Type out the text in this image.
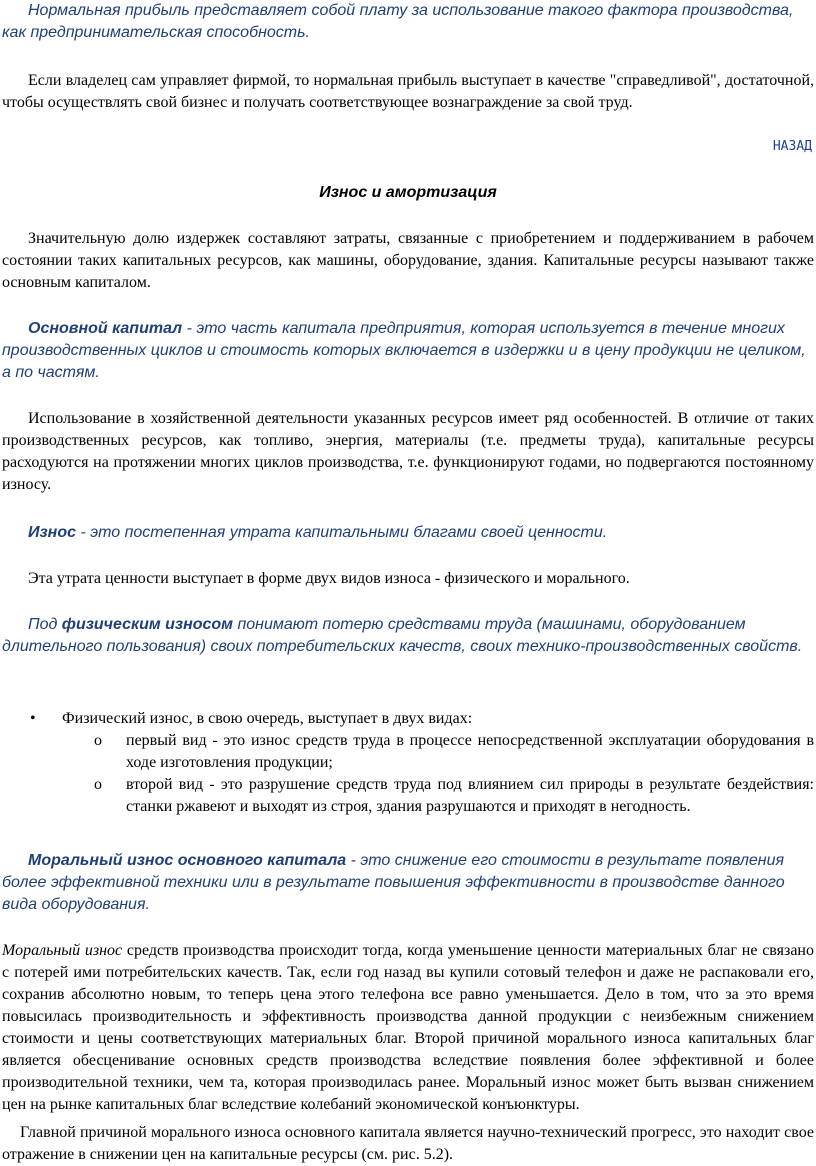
Нормальная прибыль представляет собой плату за использование такого фактора производства, как предпринимательская способность.

Если владелец сам управляет фирмой, то нормальная прибыль выступает в качестве "справедливой", достаточной, чтобы осуществлять свой бизнес и получать соответствующее вознаграждение за свой труд.

НАЗАД
Износ и амортизация

Значительную долю издержек составляют затраты, связанные с приобретением и поддерживанием в рабочем состоянии таких капитальных ресурсов, как машины, оборудование, здания. Капитальные ресурсы называют также основным капиталом.

Основной капитал - это часть капитала предприятия, которая используется в течение многих производственных циклов и стоимость которых включается в издержки и в цену продукции не целиком, а по частям.

Использование в хозяйственной деятельности указанных ресурсов имеет ряд особенностей. В отличие от таких производственных ресурсов, как топливо, энергия, материалы (т.е. предметы труда), капитальные ресурсы расходуются на протяжении многих циклов производства, т.е. функционируют годами, но подвергаются постоянному износу.

Износ - это постепенная утрата капитальными благами своей ценности.

Эта утрата ценности выступает в форме двух видов износа - физического и морального.

Под физическим износом понимают потерю средствами труда (машинами, оборудованием длительного пользования) своих потребительских качеств, своих технико-производственных свойств.

• Физический износ, в свою очередь, выступает в двух видах:
o первый вид - это износ средств труда в процессе непосредственной эксплуатации оборудования в ходе изготовления продукции;

o второй вид - это разрушение средств труда под влиянием сил природы в результате бездействия: станки ржавеют и выходят из строя, здания разрушаются и приходят в негодность.

Моральный износ основного капитала - это снижение его стоимости в результате появления более эффективной техники или в результате повышения эффективности в производстве данного вида оборудования.

Моральный износ средств производства происходит тогда, когда уменьшение ценности материальных благ не связано с потерей ими потребительских качеств. Так, если год назад вы купили сотовый телефон и даже не распаковали его, сохранив абсолютно новым, то теперь цена этого телефона все равно уменьшается. Дело в том, что за это время повысилась производительность и эффективность производства данной продукции с неизбежным снижением стоимости и цены соответствующих материальных благ. Второй причиной морального износа капитальных благ является обесценивание основных средств производства вследствие появления более эффективной и более производительной техники, чем та, которая производилась ранее. Моральный износ может быть вызван снижением цен на рынке капитальных благ вследствие колебаний экономической конъюнктуры.

Главной причиной морального износа основного капитала является научно-технический прогресс, это находит свое отражение в снижении цен на капитальные ресурсы (см. рис. 5.2).
